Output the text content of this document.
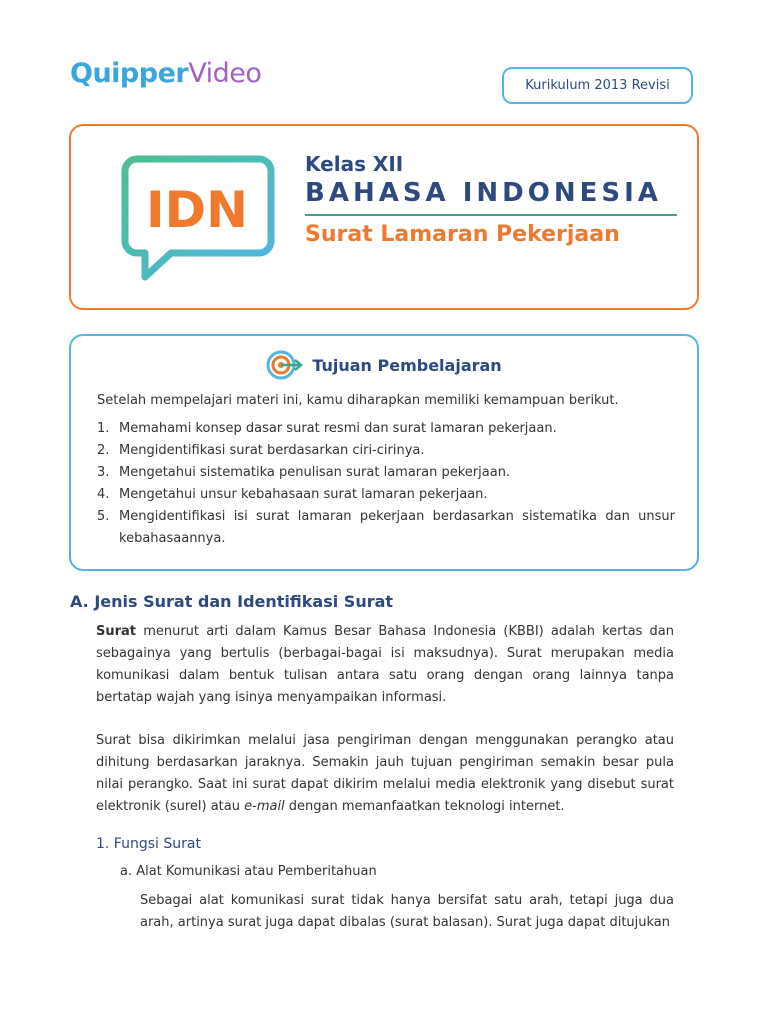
QuipperVideo	Kurikulum 2013 Revisi
IDN
Kelas XII
BAHASA INDONESIA
Surat Lamaran Pekerjaan
Tujuan Pembelajaran
Setelah mempelajari materi ini, kamu diharapkan memiliki kemampuan berikut.
1. Memahami konsep dasar surat resmi dan surat lamaran pekerjaan.
2. Mengidentifikasi surat berdasarkan ciri-cirinya.
3. Mengetahui sistematika penulisan surat lamaran pekerjaan.
4. Mengetahui unsur kebahasaan surat lamaran pekerjaan.
5. Mengidentifikasi isi surat lamaran pekerjaan berdasarkan sistematika dan unsur kebahasaannya.
A. Jenis Surat dan Identifikasi Surat
Surat menurut arti dalam Kamus Besar Bahasa Indonesia (KBBI) adalah kertas dan sebagainya yang bertulis (berbagai-bagai isi maksudnya). Surat merupakan media komunikasi dalam bentuk tulisan antara satu orang dengan orang lainnya tanpa bertatap wajah yang isinya menyampaikan informasi.
Surat bisa dikirimkan melalui jasa pengiriman dengan menggunakan perangko atau dihitung berdasarkan jaraknya. Semakin jauh tujuan pengiriman semakin besar pula nilai perangko. Saat ini surat dapat dikirim melalui media elektronik yang disebut surat elektronik (surel) atau e-mail dengan memanfaatkan teknologi internet.
1. Fungsi Surat
a. Alat Komunikasi atau Pemberitahuan
Sebagai alat komunikasi surat tidak hanya bersifat satu arah, tetapi juga dua arah, artinya surat juga dapat dibalas (surat balasan). Surat juga dapat ditujukan
